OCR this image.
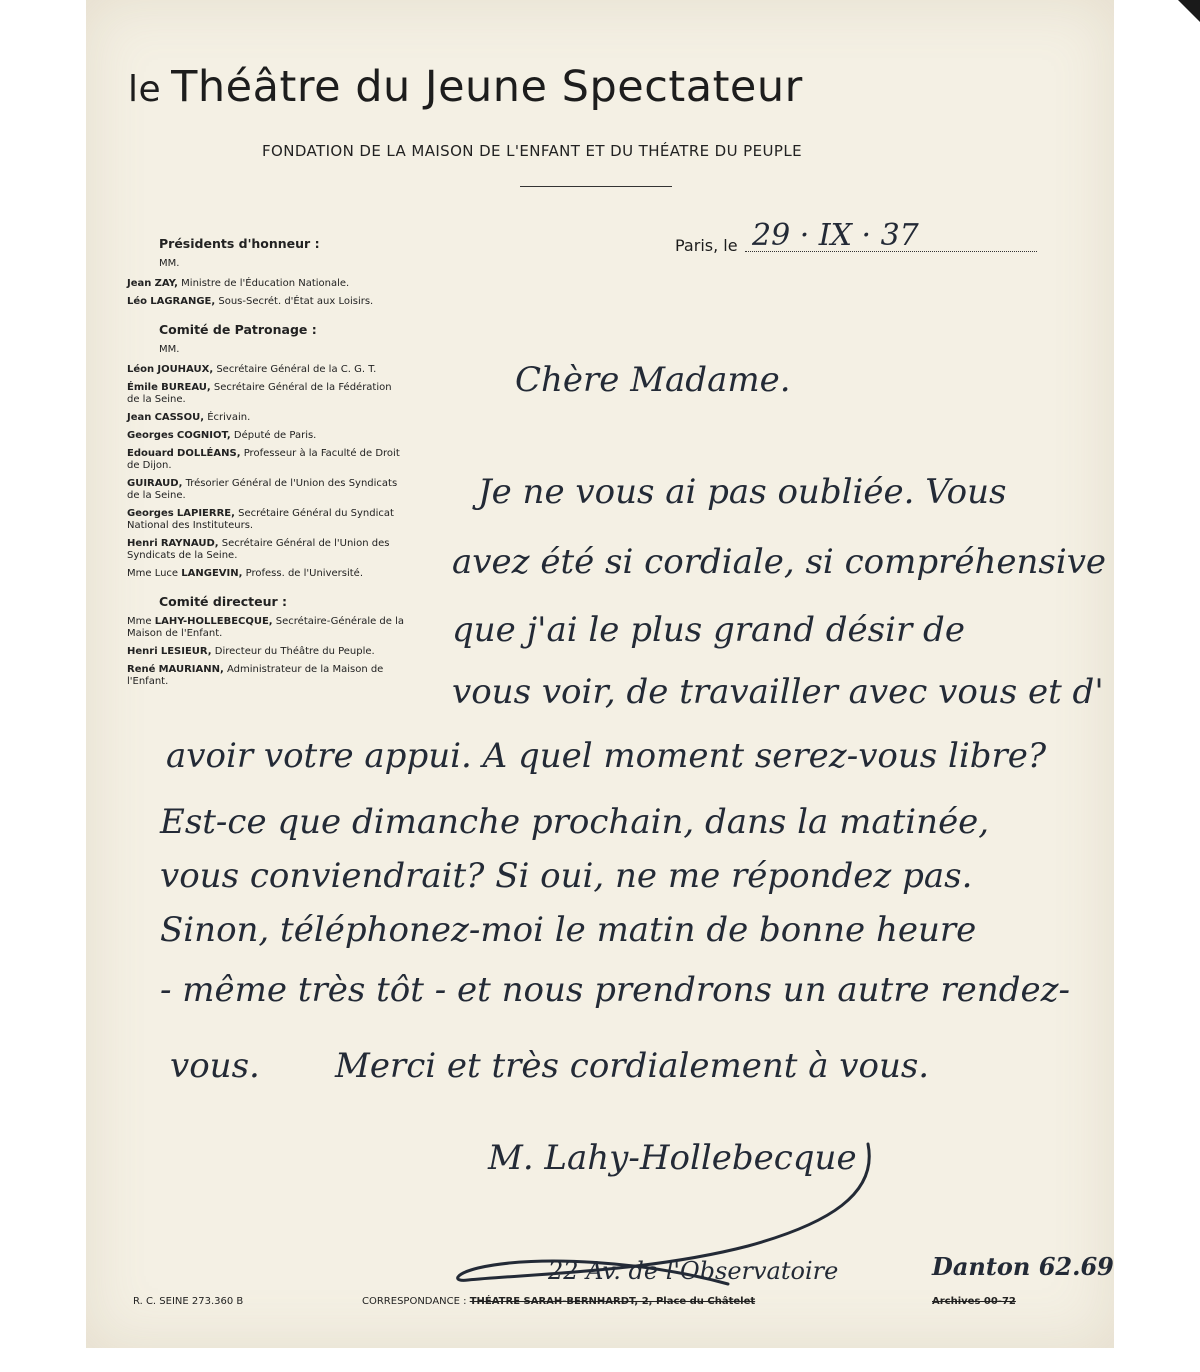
le Théâtre du Jeune Spectateur
FONDATION DE LA MAISON DE L'ENFANT ET DU THÉATRE DU PEUPLE
Présidents d'honneur :
MM.
Jean ZAY, Ministre de l'Éducation Nationale.
Léo LAGRANGE, Sous-Secrét. d'État aux Loisirs.
Comité de Patronage :
MM.
Léon JOUHAUX, Secrétaire Général de la C. G. T.
Émile BUREAU, Secrétaire Général de la Fédération de la Seine.
Jean CASSOU, Écrivain.
Georges COGNIOT, Député de Paris.
Edouard DOLLÉANS, Professeur à la Faculté de Droit de Dijon.
GUIRAUD, Trésorier Général de l'Union des Syndicats de la Seine.
Georges LAPIERRE, Secrétaire Général du Syndicat National des Instituteurs.
Henri RAYNAUD, Secrétaire Général de l'Union des Syndicats de la Seine.
Mme Luce LANGEVIN, Profess. de l'Université.
Comité directeur :
Mme LAHY-HOLLEBECQUE, Secrétaire-Générale de la Maison de l'Enfant.
Henri LESIEUR, Directeur du Théâtre du Peuple.
René MAURIANN, Administrateur de la Maison de l'Enfant.
Paris, le 29 · IX · 37
Chère Madame.
Je ne vous ai pas oubliée. Vous
avez été si cordiale, si compréhensive
que j'ai le plus grand désir de
vous voir, de travailler avec vous et d'
avoir votre appui. A quel moment serez-vous libre?
Est-ce que dimanche prochain, dans la matinée,
vous conviendrait? Si oui, ne me répondez pas.
Sinon, téléphonez-moi le matin de bonne heure
- même très tôt - et nous prendrons un autre rendez-
vous. Merci et très cordialement à vous.
M. Lahy-Hollebecque
R. C. SEINE 273.360 B	CORRESPONDANCE : THÉATRE SARAH-BERNHARDT, 2, Place du Châtelet	Archives 00-72
22 Av. de l'Observatoire	Danton 62.69
